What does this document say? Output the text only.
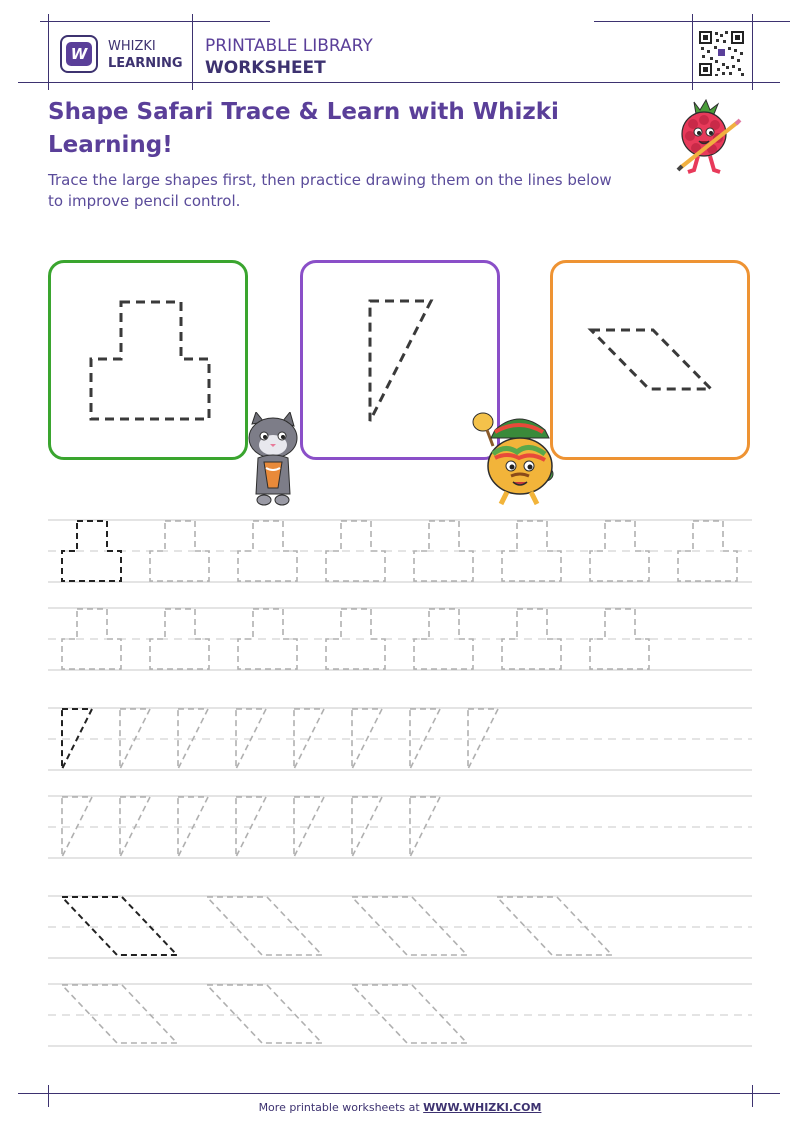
W	WHIZKI
LEARNING
PRINTABLE LIBRARY
WORKSHEET
Shape Safari Trace & Learn with Whizki Learning!
Trace the large shapes first, then practice drawing them on the lines below to improve pencil control.
More printable worksheets at WWW.WHIZKI.COM
